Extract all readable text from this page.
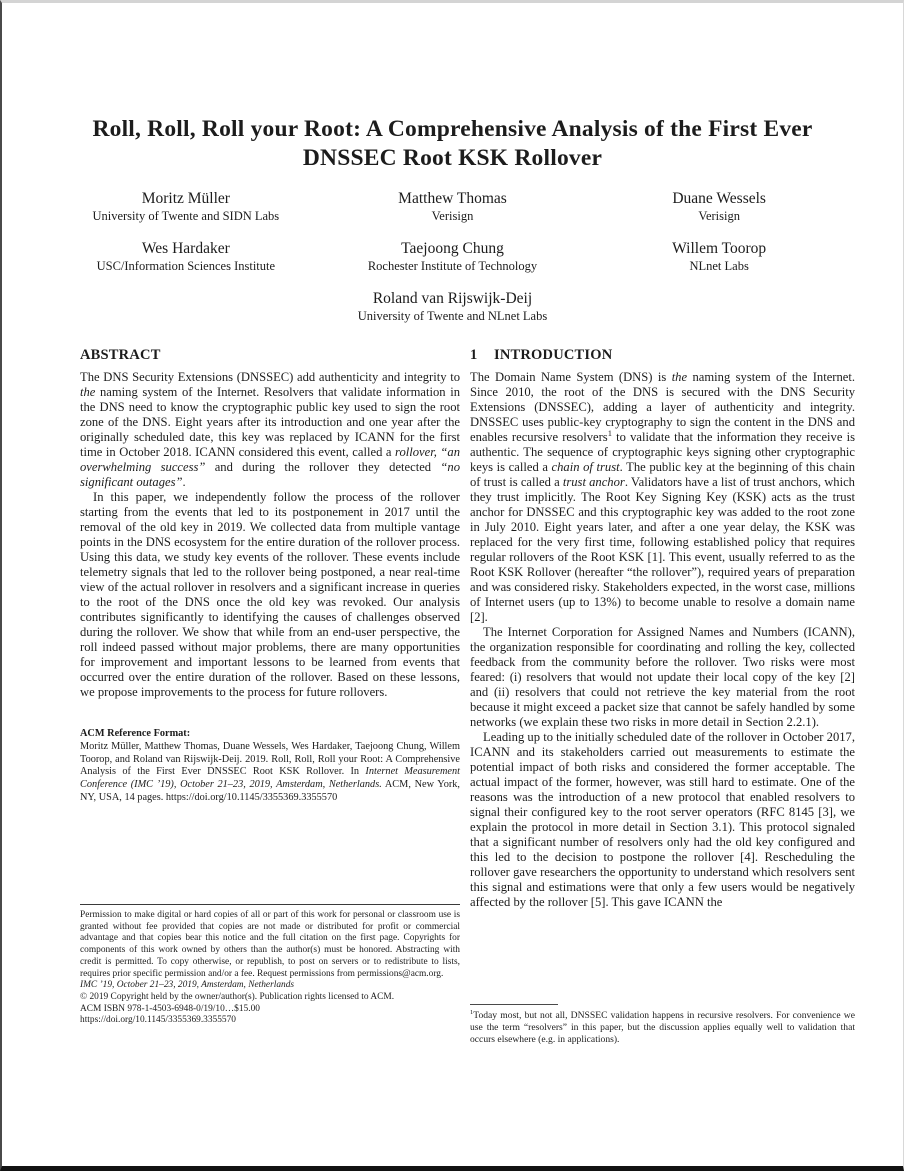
Roll, Roll, Roll your Root: A Comprehensive Analysis of the First Ever DNSSEC Root KSK Rollover
Moritz Müller
University of Twente and SIDN Labs
Matthew Thomas
Verisign
Duane Wessels
Verisign
Wes Hardaker
USC/Information Sciences Institute
Taejoong Chung
Rochester Institute of Technology
Willem Toorop
NLnet Labs
Roland van Rijswijk-Deij
University of Twente and NLnet Labs
ABSTRACT

The DNS Security Extensions (DNSSEC) add authenticity and integrity to the naming system of the Internet. Resolvers that validate information in the DNS need to know the cryptographic public key used to sign the root zone of the DNS. Eight years after its introduction and one year after the originally scheduled date, this key was replaced by ICANN for the first time in October 2018. ICANN considered this event, called a rollover, “an overwhelming success” and during the rollover they detected “no significant outages”.

In this paper, we independently follow the process of the rollover starting from the events that led to its postponement in 2017 until the removal of the old key in 2019. We collected data from multiple vantage points in the DNS ecosystem for the entire duration of the rollover process. Using this data, we study key events of the rollover. These events include telemetry signals that led to the rollover being postponed, a near real-time view of the actual rollover in resolvers and a significant increase in queries to the root of the DNS once the old key was revoked. Our analysis contributes significantly to identifying the causes of challenges observed during the rollover. We show that while from an end-user perspective, the roll indeed passed without major problems, there are many opportunities for improvement and important lessons to be learned from events that occurred over the entire duration of the rollover. Based on these lessons, we propose improvements to the process for future rollovers.

ACM Reference Format:

Moritz Müller, Matthew Thomas, Duane Wessels, Wes Hardaker, Taejoong Chung, Willem Toorop, and Roland van Rijswijk-Deij. 2019. Roll, Roll, Roll your Root: A Comprehensive Analysis of the First Ever DNSSEC Root KSK Rollover. In Internet Measurement Conference (IMC ’19), October 21–23, 2019, Amsterdam, Netherlands. ACM, New York, NY, USA, 14 pages. https://doi.org/10.1145/3355369.3355570

1 INTRODUCTION

The Domain Name System (DNS) is the naming system of the Internet. Since 2010, the root of the DNS is secured with the DNS Security Extensions (DNSSEC), adding a layer of authenticity and integrity. DNSSEC uses public-key cryptography to sign the content in the DNS and enables recursive resolvers$^1$ to validate that the information they receive is authentic. The sequence of cryptographic keys signing other cryptographic keys is called a chain of trust. The public key at the beginning of this chain of trust is called a trust anchor. Validators have a list of trust anchors, which they trust implicitly. The Root Key Signing Key (KSK) acts as the trust anchor for DNSSEC and this cryptographic key was added to the root zone in July 2010. Eight years later, and after a one year delay, the KSK was replaced for the very first time, following established policy that requires regular rollovers of the Root KSK [1]. This event, usually referred to as the Root KSK Rollover (hereafter “the rollover”), required years of preparation and was considered risky. Stakeholders expected, in the worst case, millions of Internet users (up to 13%) to become unable to resolve a domain name [2].

The Internet Corporation for Assigned Names and Numbers (ICANN), the organization responsible for coordinating and rolling the key, collected feedback from the community before the rollover. Two risks were most feared: (i) resolvers that would not update their local copy of the key [2] and (ii) resolvers that could not retrieve the key material from the root because it might exceed a packet size that cannot be safely handled by some networks (we explain these two risks in more detail in Section 2.2.1).

Leading up to the initially scheduled date of the rollover in October 2017, ICANN and its stakeholders carried out measurements to estimate the potential impact of both risks and considered the former acceptable. The actual impact of the former, however, was still hard to estimate. One of the reasons was the introduction of a new protocol that enabled resolvers to signal their configured key to the root server operators (RFC 8145 [3], we explain the protocol in more detail in Section 3.1). This protocol signaled that a significant number of resolvers only had the old key configured and this led to the decision to postpone the rollover [4]. Rescheduling the rollover gave researchers the opportunity to understand which resolvers sent this signal and estimations were that only a few users would be negatively affected by the rollover [5]. This gave ICANN the

Permission to make digital or hard copies of all or part of this work for personal or classroom use is granted without fee provided that copies are not made or distributed for profit or commercial advantage and that copies bear this notice and the full citation on the first page. Copyrights for components of this work owned by others than the author(s) must be honored. Abstracting with credit is permitted. To copy otherwise, or republish, to post on servers or to redistribute to lists, requires prior specific permission and/or a fee. Request permissions from permissions@acm.org.

IMC ’19, October 21–23, 2019, Amsterdam, Netherlands

© 2019 Copyright held by the owner/author(s). Publication rights licensed to ACM.

ACM ISBN 978-1-4503-6948-0/19/10…$15.00

https://doi.org/10.1145/3355369.3355570

$^1$Today most, but not all, DNSSEC validation happens in recursive resolvers. For convenience we use the term “resolvers” in this paper, but the discussion applies equally well to validation that occurs elsewhere (e.g. in applications).
